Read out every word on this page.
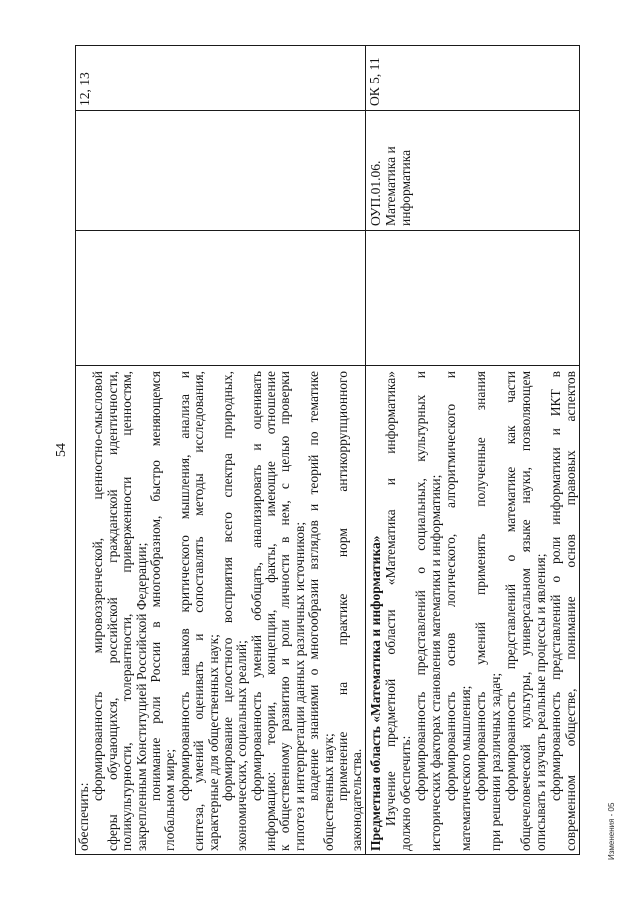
54
обеспечить:
сформированность мировоззренческой, ценностно-смысловой сферы обучающихся, российской гражданской идентичности, поликультурности, толерантности, приверженности ценностям, закрепленным Конституцией Российской Федерации; понимание роли России в многообразном, быстро меняющемся глобальном мире; сформированность навыков критического мышления, анализа и синтеза, умений оценивать и сопоставлять методы исследования, характерные для общественных наук; формирование целостного восприятия всего спектра природных, экономических, социальных реалий; сформированность умений обобщать, анализировать и оценивать информацию: теории, концепции, факты, имеющие отношение к общественному развитию и роли личности в нем, с целью проверки гипотез и интерпретации данных различных источников; владение знаниями о многообразии взглядов и теорий по тематике общественных наук; применение на практике норм антикоррупционного законодательства.
12, 13
Предметная область «Математика и информатика» Изучение предметной области «Математика и информатика» должно обеспечить: сформированность представлений о социальных, культурных и исторических факторах становления математики и информатики; сформированность основ логического, алгоритмического и математического мышления; сформированность умений применять полученные знания при решении различных задач; сформированность представлений о математике как части общечеловеческой культуры, универсальном языке науки, позволяющем описывать и изучать реальные процессы и явления; сформированность представлений о роли информатики и ИКТ в современном обществе, понимание основ правовых аспектов
ОУП.01.06. Математика и информатика
ОК 5, 11
Изменения - 05
